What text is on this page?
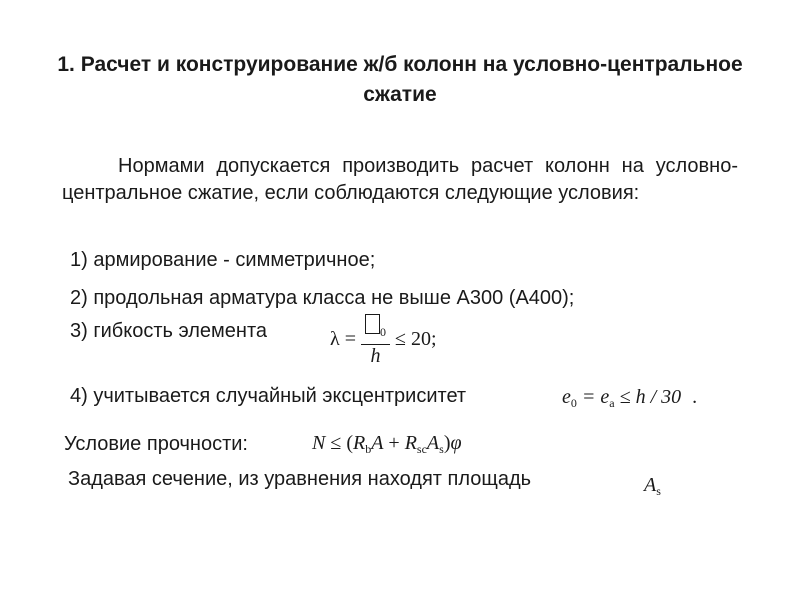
1. Расчет и конструирование ж/б колонн на условно-центральное сжатие
Нормами допускается производить расчет колонн на условно-центральное сжатие, если соблюдаются следующие условия:
1) армирование - симметричное;
2) продольная арматура класса не выше А300 (А400);
3) гибкость элемента	$\lambda = \frac{_0}{h} \le 20$;
4) учитывается случайный эксцентриситет	$e_0 = e_a \le h / 30$ .
Условие прочности:	$N \le (R_bA + R_{sc}A_s)\varphi$
Задавая сечение, из уравнения находят площадь	$A_s$
